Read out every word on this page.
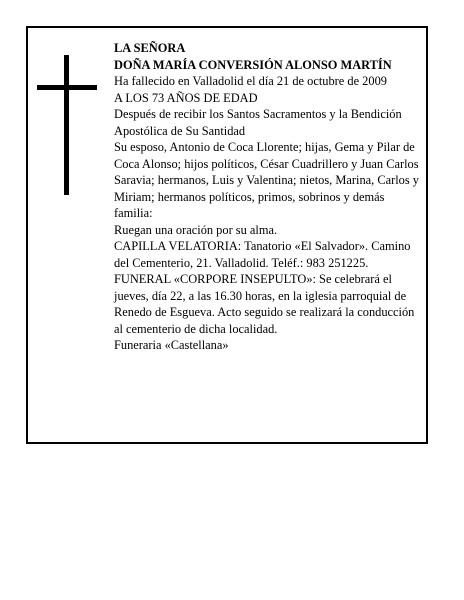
LA SEÑORA

DOÑA MARÍA CONVERSIÓN ALONSO MARTÍN

Ha fallecido en Valladolid el día 21 de octubre de 2009

A LOS 73 AÑOS DE EDAD

Después de recibir los Santos Sacramentos y la Bendición Apostólica de Su Santidad

Su esposo, Antonio de Coca Llorente; hijas, Gema y Pilar de Coca Alonso; hijos políticos, César Cuadrillero y Juan Carlos Saravia; hermanos, Luis y Valentina; nietos, Marina, Carlos y Miriam; hermanos políticos, primos, sobrinos y demás familia:

Ruegan una oración por su alma.

CAPILLA VELATORIA: Tanatorio «El Salvador». Camino del Cementerio, 21. Valladolid. Teléf.: 983 251225.

FUNERAL «CORPORE INSEPULTO»: Se celebrará el jueves, día 22, a las 16.30 horas, en la iglesia parroquial de Renedo de Esgueva. Acto seguido se realizará la conducción al cementerio de dicha localidad.

Funeraria «Castellana»
